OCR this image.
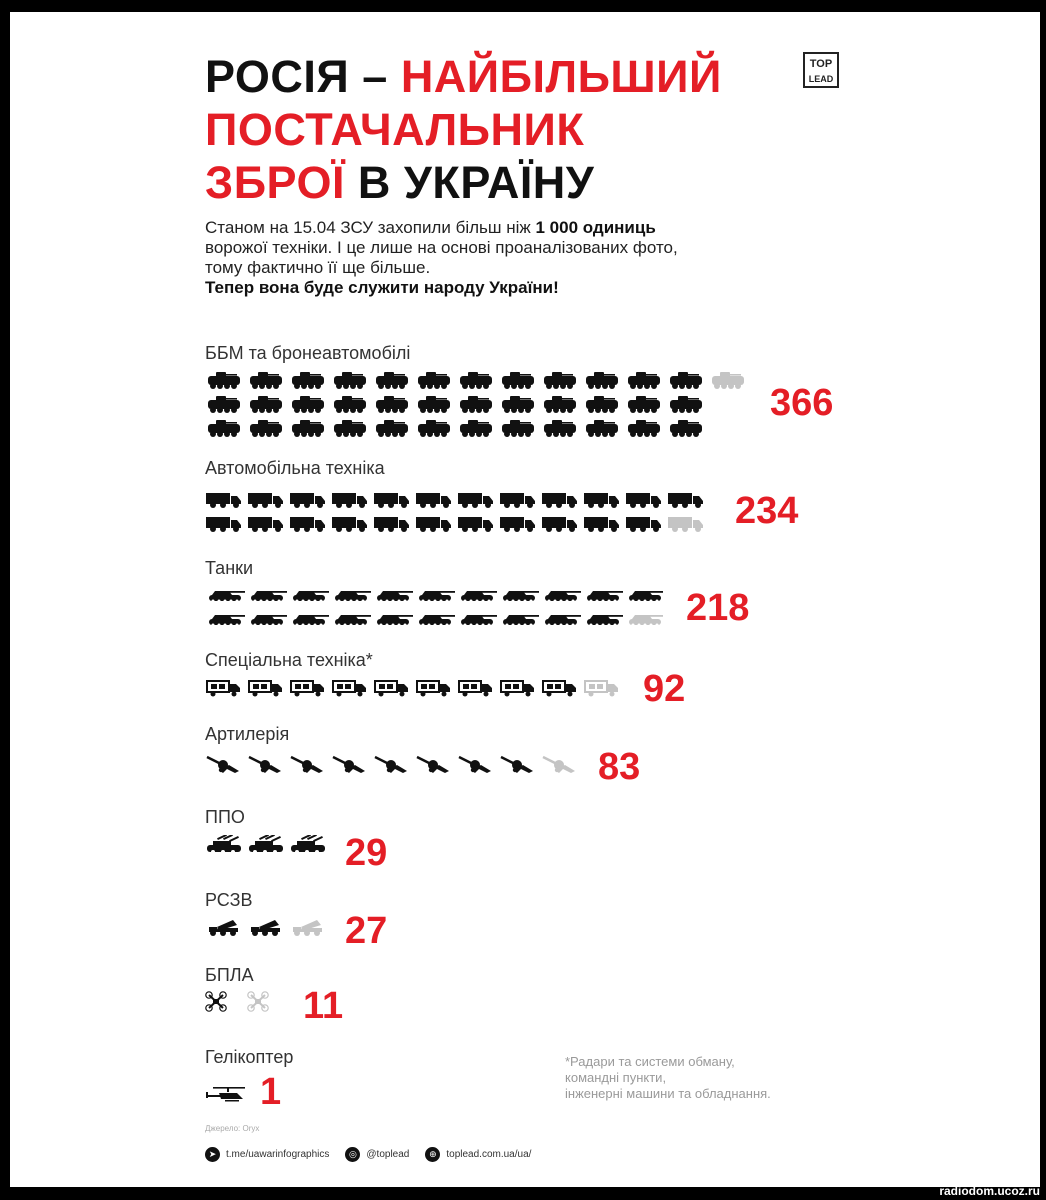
РОСІЯ – НАЙБІЛЬШИЙ
ПОСТАЧАЛЬНИК
ЗБРОЇ В УКРАЇНУ
TOP
LEAD
Станом на 15.04 ЗСУ захопили більш ніж 1 000 одиниць
ворожої техніки. І це лише на основі проаналізованих фото,
тому фактично її ще більше.
Тепер вона буде служити народу України!
ББМ та бронеавтомобілі
366
Автомобільна техніка
234
Танки
218
Спеціальна техніка*
92
Артилерія
83
ППО
29
РСЗВ
27
БПЛА
11
Гелікоптер
1
*Радари та системи обману,
командні пункти,
інженерні машини та обладнання.
Джерело: Oryx
➤ t.me/uawarinfographics	◎ @toplead	⊕ toplead.com.ua/ua/
radiodom.ucoz.ru
